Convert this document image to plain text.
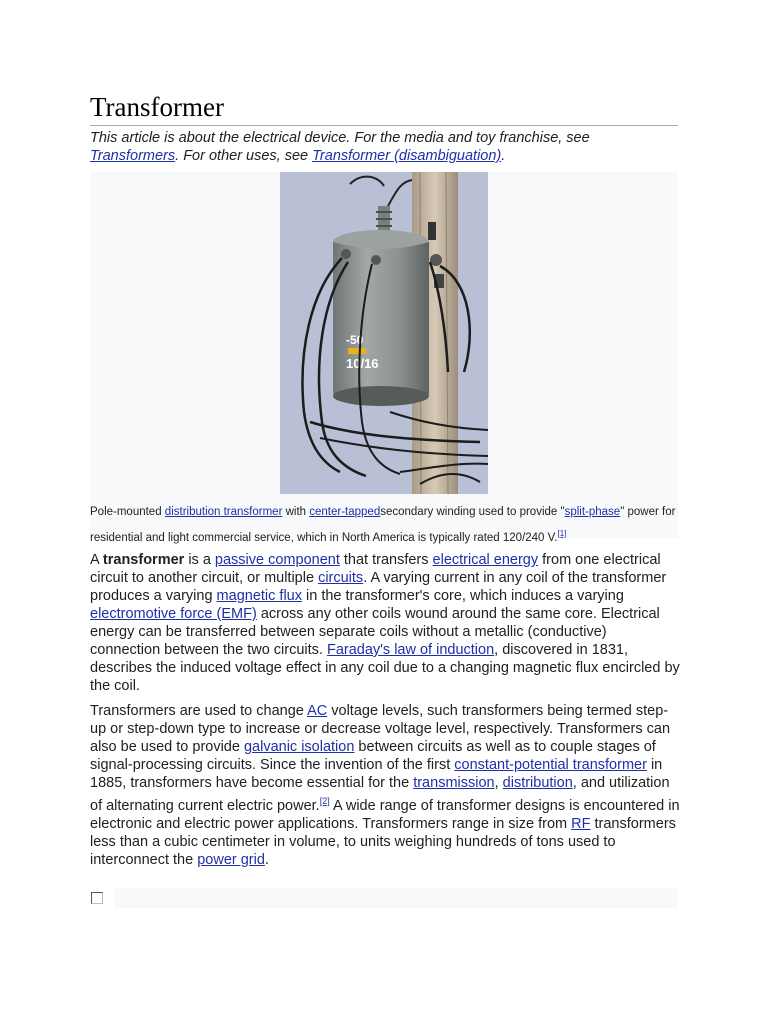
Transformer
This article is about the electrical device. For the media and toy franchise, see Transformers. For other uses, see Transformer (disambiguation).
-50
10/16
Pole-mounted distribution transformer with center-tappedsecondary winding used to provide "split-phase" power for residential and light commercial service, which in North America is typically rated 120/240 V.[1]
A transformer is a passive component that transfers electrical energy from one electrical circuit to another circuit, or multiple circuits. A varying current in any coil of the transformer produces a varying magnetic flux in the transformer's core, which induces a varying electromotive force (EMF) across any other coils wound around the same core. Electrical energy can be transferred between separate coils without a metallic (conductive) connection between the two circuits. Faraday's law of induction, discovered in 1831, describes the induced voltage effect in any coil due to a changing magnetic flux encircled by the coil.
Transformers are used to change AC voltage levels, such transformers being termed step-up or step-down type to increase or decrease voltage level, respectively. Transformers can also be used to provide galvanic isolation between circuits as well as to couple stages of signal-processing circuits. Since the invention of the first constant-potential transformer in 1885, transformers have become essential for the transmission, distribution, and utilization of alternating current electric power.[2] A wide range of transformer designs is encountered in electronic and electric power applications. Transformers range in size from RF transformers less than a cubic centimeter in volume, to units weighing hundreds of tons used to interconnect the power grid.
